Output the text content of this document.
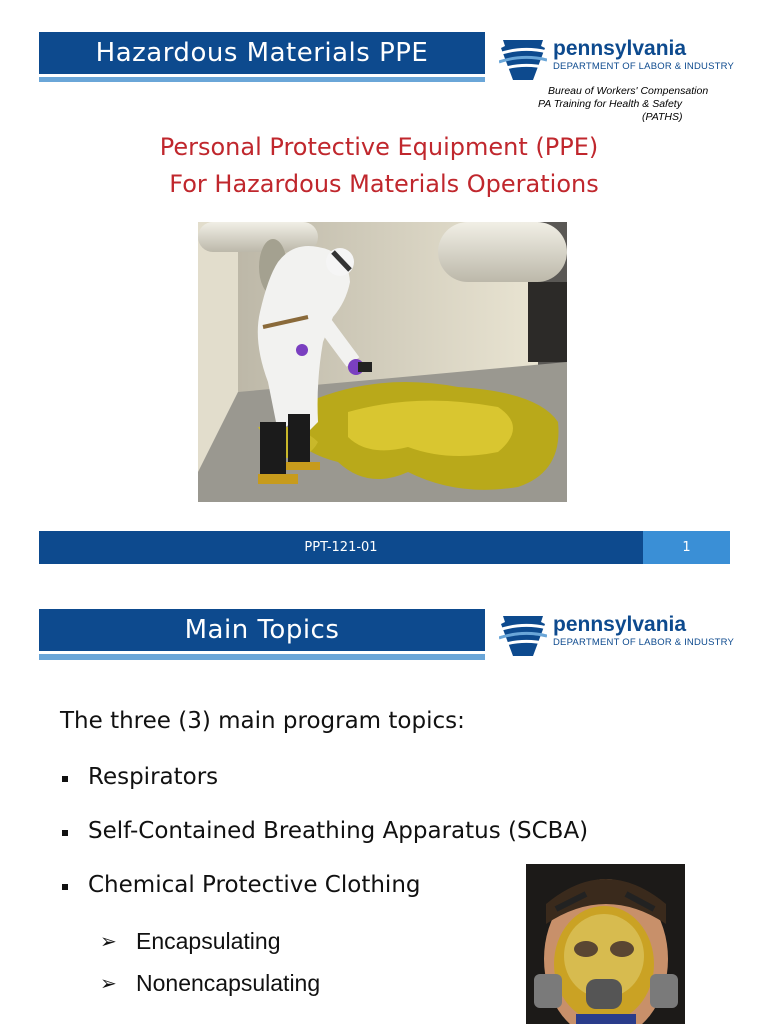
Hazardous Materials PPE	pennsylvania
DEPARTMENT OF LABOR & INDUSTRY
Bureau of Workers' Compensation
PA Training for Health & Safety
(PATHS)
Personal Protective Equipment (PPE)
For Hazardous Materials Operations
PPT-121-01	1
Main Topics	pennsylvania
DEPARTMENT OF LABOR & INDUSTRY
The three (3) main program topics:
Respirators
Self-Contained Breathing Apparatus (SCBA)
Chemical Protective Clothing
➢ Encapsulating
➢ Nonencapsulating
